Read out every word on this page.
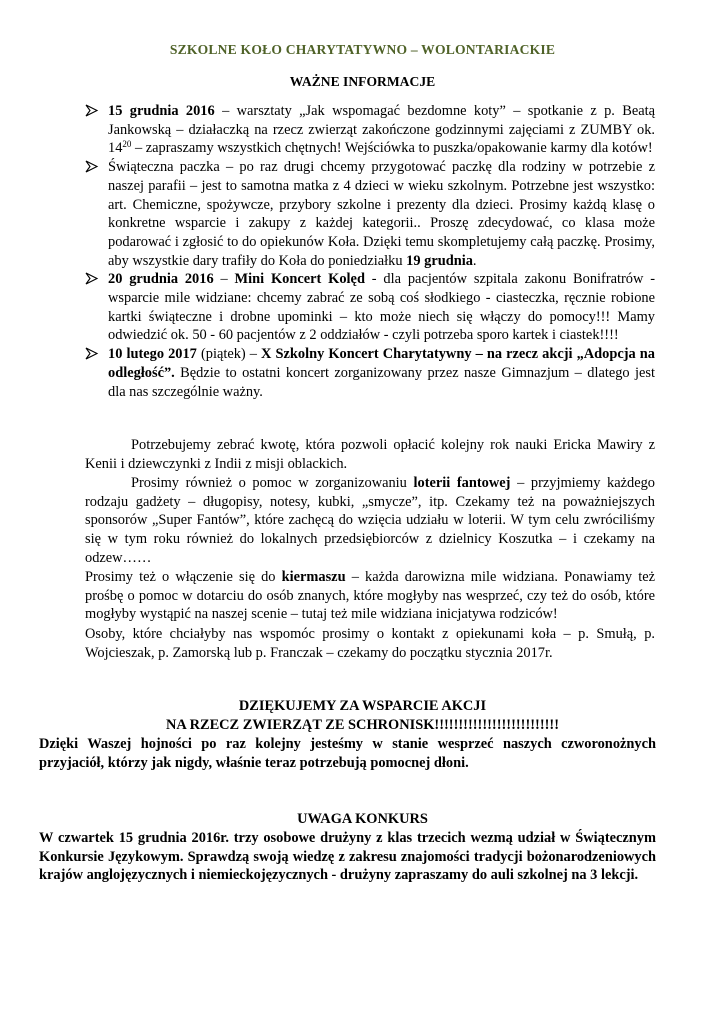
SZKOLNE KOŁO CHARYTATYWNO – WOLONTARIACKIE
WAŻNE INFORMACJE
15 grudnia 2016 – warsztaty „Jak wspomagać bezdomne koty” – spotkanie z p. Beatą Jankowską – działaczką na rzecz zwierząt zakończone godzinnymi zajęciami z ZUMBY ok. $14^{20}$ – zapraszamy wszystkich chętnych! Wejściówka to puszka/opakowanie karmy dla kotów!
Świąteczna paczka – po raz drugi chcemy przygotować paczkę dla rodziny w potrzebie z naszej parafii – jest to samotna matka z 4 dzieci w wieku szkolnym. Potrzebne jest wszystko: art. Chemiczne, spożywcze, przybory szkolne i prezenty dla dzieci. Prosimy każdą klasę o konkretne wsparcie i zakupy z każdej kategorii.. Proszę zdecydować, co klasa może podarować i zgłosić to do opiekunów Koła. Dzięki temu skompletujemy całą paczkę. Prosimy, aby wszystkie dary trafiły do Koła do poniedziałku 19 grudnia.
20 grudnia 2016 – Mini Koncert Kolęd - dla pacjentów szpitala zakonu Bonifratrów - wsparcie mile widziane: chcemy zabrać ze sobą coś słodkiego - ciasteczka, ręcznie robione kartki świąteczne i drobne upominki – kto może niech się włączy do pomocy!!! Mamy odwiedzić ok. 50 - 60 pacjentów z 2 oddziałów - czyli potrzeba sporo kartek i ciastek!!!!
10 lutego 2017 (piątek) – X Szkolny Koncert Charytatywny – na rzecz akcji „Adopcja na odległość”. Będzie to ostatni koncert zorganizowany przez nasze Gimnazjum – dlatego jest dla nas szczególnie ważny.
Potrzebujemy zebrać kwotę, która pozwoli opłacić kolejny rok nauki Ericka Mawiry z Kenii i dziewczynki z Indii z misji oblackich.
Prosimy również o pomoc w zorganizowaniu loterii fantowej – przyjmiemy każdego rodzaju gadżety – długopisy, notesy, kubki, „smycze”, itp. Czekamy też na poważniejszych sponsorów „Super Fantów”, które zachęcą do wzięcia udziału w loterii. W tym celu zwróciliśmy się w tym roku również do lokalnych przedsiębiorców z dzielnicy Koszutka – i czekamy na odzew……
Prosimy też o włączenie się do kiermaszu – każda darowizna mile widziana. Ponawiamy też prośbę o pomoc w dotarciu do osób znanych, które mogłyby nas wesprzeć, czy też do osób, które mogłyby wystąpić na naszej scenie – tutaj też mile widziana inicjatywa rodziców!
Osoby, które chciałyby nas wspomóc prosimy o kontakt z opiekunami koła – p. Smułą, p. Wojcieszak, p. Zamorską lub p. Franczak – czekamy do początku stycznia 2017r.
DZIĘKUJEMY ZA WSPARCIE AKCJI
NA RZECZ ZWIERZĄT ZE SCHRONISK!!!!!!!!!!!!!!!!!!!!!!!!!!
Dzięki Waszej hojności po raz kolejny jesteśmy w stanie wesprzeć naszych czworonożnych przyjaciół, którzy jak nigdy, właśnie teraz potrzebują pomocnej dłoni.
UWAGA KONKURS
W czwartek 15 grudnia 2016r. trzy osobowe drużyny z klas trzecich wezmą udział w Świątecznym Konkursie Językowym. Sprawdzą swoją wiedzę z zakresu znajomości tradycji bożonarodzeniowych krajów anglojęzycznych i niemieckojęzycznych - drużyny zapraszamy do auli szkolnej na 3 lekcji.
